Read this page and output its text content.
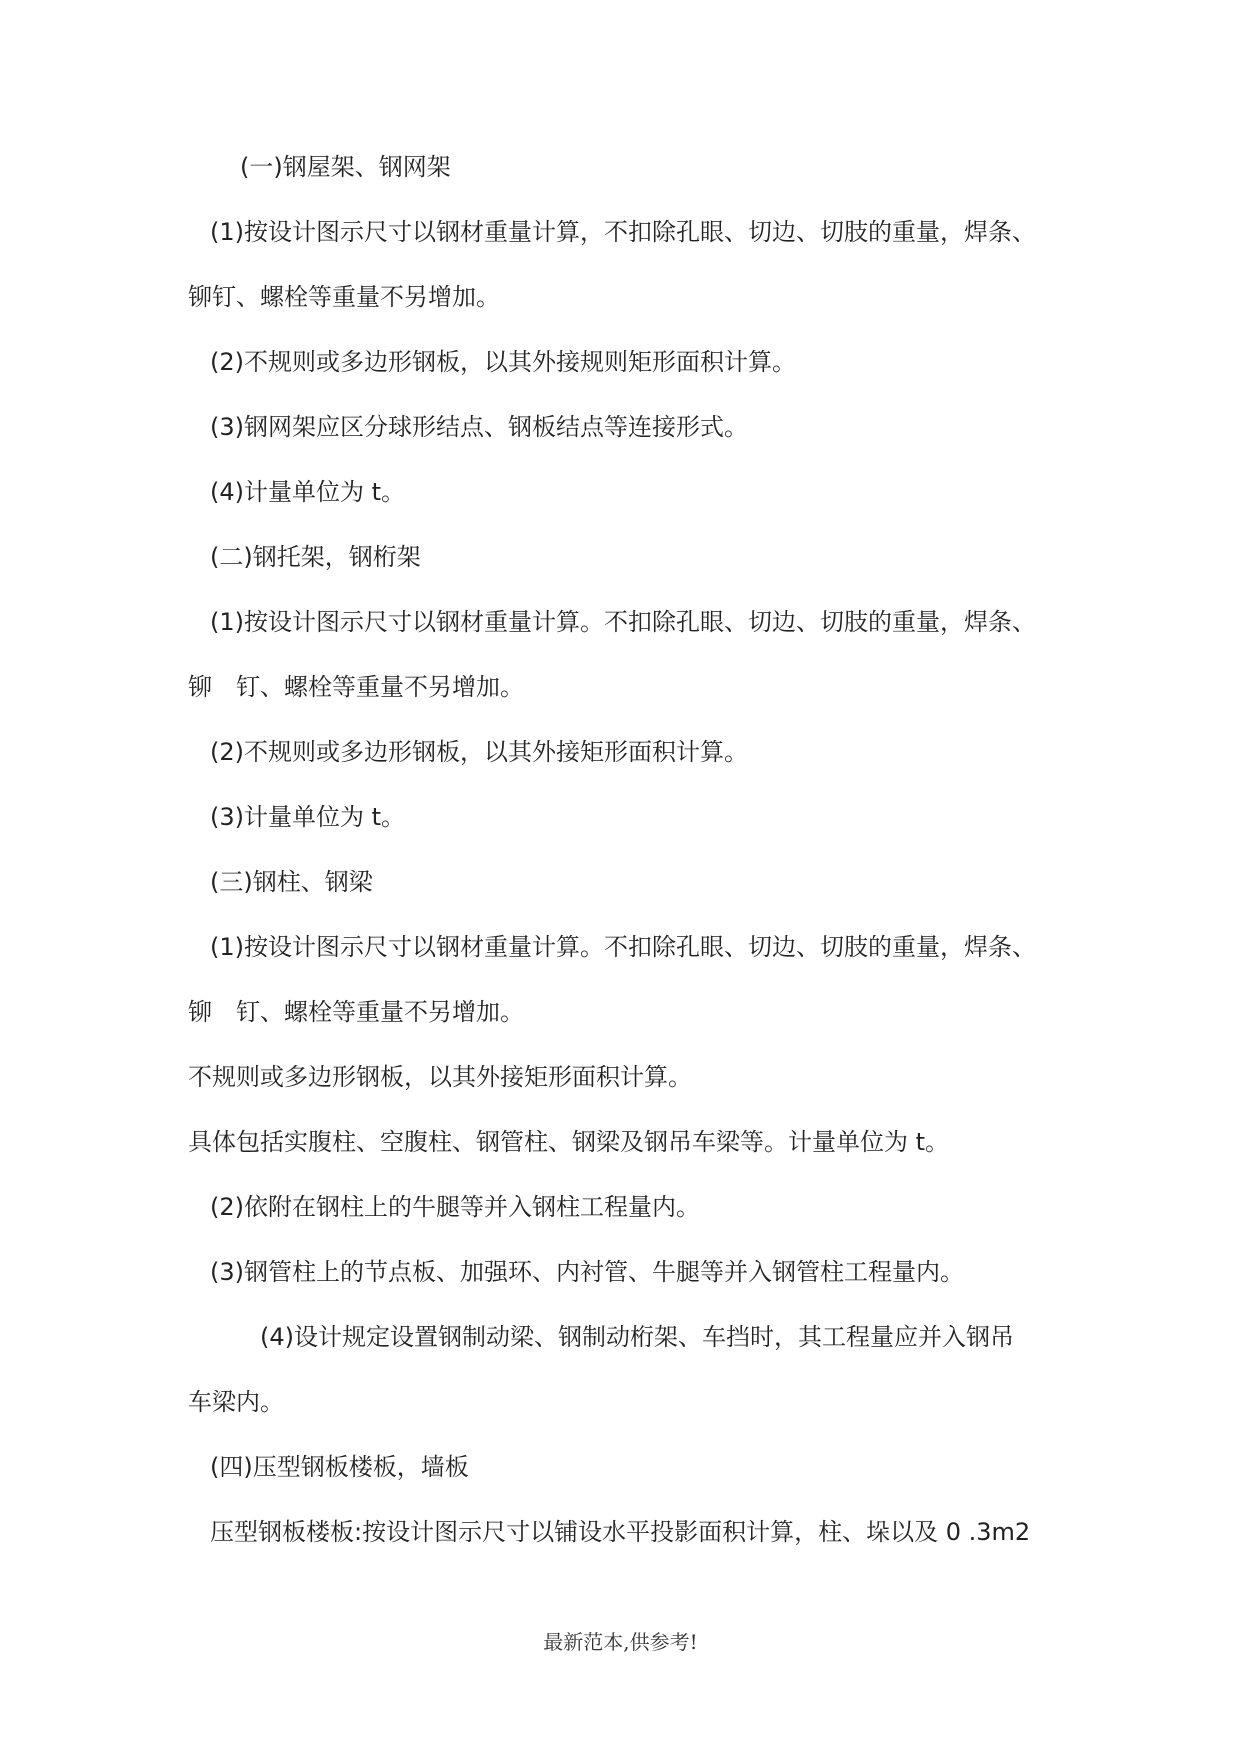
(一)钢屋架、钢网架
(1)按设计图示尺寸以钢材重量计算，不扣除孔眼、切边、切肢的重量，焊条、
铆钉、螺栓等重量不另增加。
(2)不规则或多边形钢板，以其外接规则矩形面积计算。
(3)钢网架应区分球形结点、钢板结点等连接形式。
(4)计量单位为 t。
(二)钢托架，钢桁架
(1)按设计图示尺寸以钢材重量计算。不扣除孔眼、切边、切肢的重量，焊条、
铆　钉、螺栓等重量不另增加。
(2)不规则或多边形钢板，以其外接矩形面积计算。
(3)计量单位为 t。
(三)钢柱、钢梁
(1)按设计图示尺寸以钢材重量计算。不扣除孔眼、切边、切肢的重量，焊条、
铆　钉、螺栓等重量不另增加。
不规则或多边形钢板，以其外接矩形面积计算。
具体包括实腹柱、空腹柱、钢管柱、钢梁及钢吊车梁等。计量单位为 t。
(2)依附在钢柱上的牛腿等并入钢柱工程量内。
(3)钢管柱上的节点板、加强环、内衬管、牛腿等并入钢管柱工程量内。
(4)设计规定设置钢制动梁、钢制动桁架、车挡时，其工程量应并入钢吊
车梁内。
(四)压型钢板楼板，墙板
压型钢板楼板:按设计图示尺寸以铺设水平投影面积计算，柱、垛以及 0 .3m2
最新范本,供参考!
